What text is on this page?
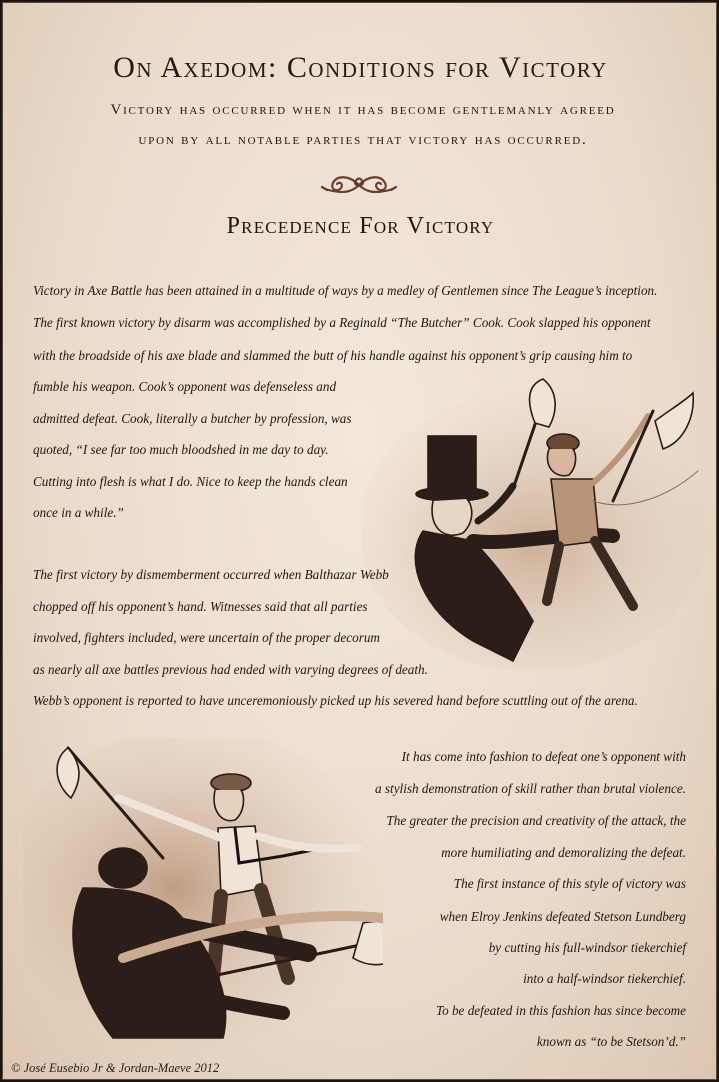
On Axedom: Conditions for Victory
Victory has occurred when it has become gentlemanly agreed
upon by all notable parties that victory has occurred.
Precedence For Victory
Victory in Axe Battle has been attained in a multitude of ways by a medley of Gentlemen since The League’s inception.
The first known victory by disarm was accomplished by a Reginald “The Butcher” Cook. Cook slapped his opponent
with the broadside of his axe blade and slammed the butt of his handle against his opponent’s grip causing him to
fumble his weapon. Cook’s opponent was defenseless and
admitted defeat. Cook, literally a butcher by profession, was
quoted, “I see far too much bloodshed in me day to day.
Cutting into flesh is what I do. Nice to keep the hands clean
once in a while.”
The first victory by dismemberment occurred when Balthazar Webb
chopped off his opponent’s hand. Witnesses said that all parties
involved, fighters included, were uncertain of the proper decorum
as nearly all axe battles previous had ended with varying degrees of death.
Webb’s opponent is reported to have unceremoniously picked up his severed hand before scuttling out of the arena.
It has come into fashion to defeat one’s opponent with
a stylish demonstration of skill rather than brutal violence.
The greater the precision and creativity of the attack, the
more humiliating and demoralizing the defeat.
The first instance of this style of victory was
when Elroy Jenkins defeated Stetson Lundberg
by cutting his full-windsor tiekerchief
into a half-windsor tiekerchief.
To be defeated in this fashion has since become
known as “to be Stetson’d.”
© José Eusebio Jr & Jordan-Maeve 2012
